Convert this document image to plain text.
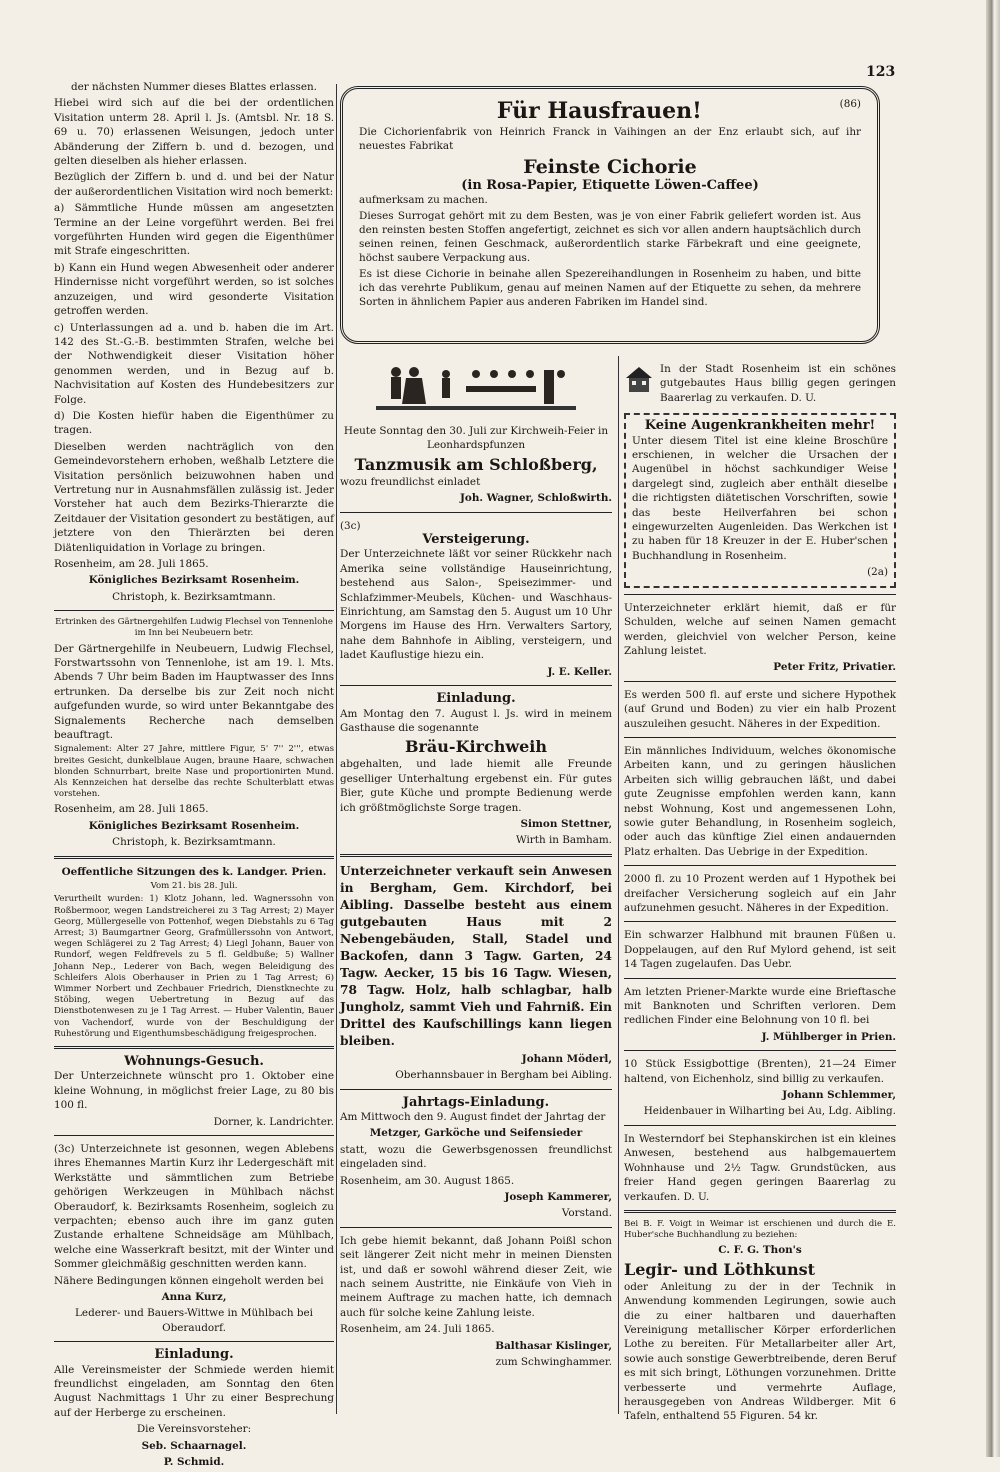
123

der nächsten Nummer dieses Blattes erlassen.

Hiebei wird sich auf die bei der ordentlichen Visitation unterm 28. April l. Js. (Amtsbl. Nr. 18 S. 69 u. 70) erlassenen Weisungen, jedoch unter Abänderung der Ziffern b. und d. bezogen, und gelten dieselben als hieher erlassen.

Bezüglich der Ziffern b. und d. und bei der Natur der außerordentlichen Visitation wird noch bemerkt:

a) Sämmtliche Hunde müssen am angesetzten Termine an der Leine vorgeführt werden. Bei frei vorgeführten Hunden wird gegen die Eigenthümer mit Strafe eingeschritten.

b) Kann ein Hund wegen Abwesenheit oder anderer Hindernisse nicht vorgeführt werden, so ist solches anzuzeigen, und wird gesonderte Visitation getroffen werden.

c) Unterlassungen ad a. und b. haben die im Art. 142 des St.-G.-B. bestimmten Strafen, welche bei der Nothwendigkeit dieser Visitation höher genommen werden, und in Bezug auf b. Nachvisitation auf Kosten des Hundebesitzers zur Folge.

d) Die Kosten hiefür haben die Eigenthümer zu tragen.

Dieselben werden nachträglich von den Gemeindevorstehern erhoben, weßhalb Letztere die Visitation persönlich beizuwohnen haben und Vertretung nur in Ausnahmsfällen zulässig ist. Jeder Vorsteher hat auch dem Bezirks-Thierarzte die Zeitdauer der Visitation gesondert zu bestätigen, auf jetztere von den Thierärzten bei deren Diätenliquidation in Vorlage zu bringen.

Rosenheim, am 28. Juli 1865.

Königliches Bezirksamt Rosenheim.

Christoph, k. Bezirksamtmann.

Ertrinken des Gärtnergehilfen Ludwig Flechsel von Tennenlohe im Inn bei Neubeuern betr.

Der Gärtnergehilfe in Neubeuern, Ludwig Flechsel, Forstwartssohn von Tennenlohe, ist am 19. l. Mts. Abends 7 Uhr beim Baden im Hauptwasser des Inns ertrunken. Da derselbe bis zur Zeit noch nicht aufgefunden wurde, so wird unter Bekanntgabe des Signalements Recherche nach demselben beauftragt.

Signalement: Alter 27 Jahre, mittlere Figur, 5' 7'' 2''', etwas breites Gesicht, dunkelblaue Augen, braune Haare, schwachen blonden Schnurrbart, breite Nase und proportionirten Mund. Als Kennzeichen hat derselbe das rechte Schulterblatt etwas vorstehen.

Rosenheim, am 28. Juli 1865.

Königliches Bezirksamt Rosenheim.

Christoph, k. Bezirksamtmann.

Oeffentliche Sitzungen des k. Landger. Prien.

Vom 21. bis 28. Juli.

Verurtheilt wurden: 1) Klotz Johann, led. Wagnerssohn von Roßbermoor, wegen Landstreicherei zu 3 Tag Arrest; 2) Mayer Georg, Müllergeselle von Pottenhof, wegen Diebstahls zu 6 Tag Arrest; 3) Baumgartner Georg, Grafmüllerssohn von Antwort, wegen Schlägerei zu 2 Tag Arrest; 4) Liegl Johann, Bauer von Rundorf, wegen Feldfrevels zu 5 fl. Geldbuße; 5) Wallner Johann Nep., Lederer von Bach, wegen Beleidigung des Schleifers Alois Oberhauser in Prien zu 1 Tag Arrest; 6) Wimmer Norbert und Zechbauer Friedrich, Dienstknechte zu Stöbing, wegen Uebertretung in Bezug auf das Dienstbotenwesen zu je 1 Tag Arrest. — Huber Valentin, Bauer von Vachendorf, wurde von der Beschuldigung der Ruhestörung und Eigenthumsbeschädigung freigesprochen.

Wohnungs-Gesuch.

Der Unterzeichnete wünscht pro 1. Oktober eine kleine Wohnung, in möglichst freier Lage, zu 80 bis 100 fl.

Dorner, k. Landrichter.

(3c) Unterzeichnete ist gesonnen, wegen Ablebens ihres Ehemannes Martin Kurz ihr Ledergeschäft mit Werkstätte und sämmtlichen zum Betriebe gehörigen Werkzeugen in Mühlbach nächst Oberaudorf, k. Bezirksamts Rosenheim, sogleich zu verpachten; ebenso auch ihre im ganz guten Zustande erhaltene Schneidsäge am Mühlbach, welche eine Wasserkraft besitzt, mit der Winter und Sommer gleichmäßig geschnitten werden kann.

Nähere Bedingungen können eingeholt werden bei

Anna Kurz,

Lederer- und Bauers-Wittwe in Mühlbach bei Oberaudorf.

Einladung.

Alle Vereinsmeister der Schmiede werden hiemit freundlichst eingeladen, am Sonntag den 6ten August Nachmittags 1 Uhr zu einer Besprechung auf der Herberge zu erscheinen.

Die Vereinsvorsteher:

Seb. Schaarnagel.

P. Schmid.

(86)
Für Hausfrauen!

Die Cichorienfabrik von Heinrich Franck in Vaihingen an der Enz erlaubt sich, auf ihr neuestes Fabrikat

Feinste Cichorie
(in Rosa-Papier, Etiquette Löwen-Caffee)

aufmerksam zu machen.

Dieses Surrogat gehört mit zu dem Besten, was je von einer Fabrik geliefert worden ist. Aus den reinsten besten Stoffen angefertigt, zeichnet es sich vor allen andern hauptsächlich durch seinen reinen, feinen Geschmack, außerordentlich starke Färbekraft und eine geeignete, höchst saubere Verpackung aus.

Es ist diese Cichorie in beinahe allen Spezereihandlungen in Rosenheim zu haben, und bitte ich das verehrte Publikum, genau auf meinen Namen auf der Etiquette zu sehen, da mehrere Sorten in ähnlichem Papier aus anderen Fabriken im Handel sind.

Heute Sonntag den 30. Juli zur Kirchweih-Feier in Leonhardspfunzen

Tanzmusik am Schloßberg,

wozu freundlichst einladet

Joh. Wagner, Schloßwirth.

(3c)
Versteigerung.

Der Unterzeichnete läßt vor seiner Rückkehr nach Amerika seine vollständige Hauseinrichtung, bestehend aus Salon-, Speisezimmer- und Schlafzimmer-Meubels, Küchen- und Waschhaus-Einrichtung, am Samstag den 5. August um 10 Uhr Morgens im Hause des Hrn. Verwalters Sartory, nahe dem Bahnhofe in Aibling, versteigern, und ladet Kauflustige hiezu ein.

J. E. Keller.

Einladung.

Am Montag den 7. August l. Js. wird in meinem Gasthause die sogenannte

Bräu-Kirchweih

abgehalten, und lade hiemit alle Freunde geselliger Unterhaltung ergebenst ein. Für gutes Bier, gute Küche und prompte Bedienung werde ich größtmöglichste Sorge tragen.

Simon Stettner,

Wirth in Bamham.

Unterzeichneter verkauft sein Anwesen in Bergham, Gem. Kirchdorf, bei Aibling. Dasselbe besteht aus einem gutgebauten Haus mit 2 Nebengebäuden, Stall, Stadel und Backofen, dann 3 Tagw. Garten, 24 Tagw. Aecker, 15 bis 16 Tagw. Wiesen, 78 Tagw. Holz, halb schlagbar, halb Jungholz, sammt Vieh und Fahrniß. Ein Drittel des Kaufschillings kann liegen bleiben.

Johann Möderl,

Oberhannsbauer in Bergham bei Aibling.

Jahrtags-Einladung.

Am Mittwoch den 9. August findet der Jahrtag der

Metzger, Garköche und Seifensieder

statt, wozu die Gewerbsgenossen freundlichst eingeladen sind.

Rosenheim, am 30. August 1865.

Joseph Kammerer,

Vorstand.

Ich gebe hiemit bekannt, daß Johann Poißl schon seit längerer Zeit nicht mehr in meinen Diensten ist, und daß er sowohl während dieser Zeit, wie nach seinem Austritte, nie Einkäufe von Vieh in meinem Auftrage zu machen hatte, ich demnach auch für solche keine Zahlung leiste.

Rosenheim, am 24. Juli 1865.

Balthasar Kislinger,

zum Schwinghammer.

In der Stadt Rosenheim ist ein schönes gutgebautes Haus billig gegen geringen Baarerlag zu verkaufen. D. U.

Keine Augenkrankheiten mehr!

Unter diesem Titel ist eine kleine Broschüre erschienen, in welcher die Ursachen der Augenübel in höchst sachkundiger Weise dargelegt sind, zugleich aber enthält dieselbe die richtigsten diätetischen Vorschriften, sowie das beste Heilverfahren bei schon eingewurzelten Augenleiden. Das Werkchen ist zu haben für 18 Kreuzer in der E. Huber'schen Buchhandlung in Rosenheim.

(2a)

Unterzeichneter erklärt hiemit, daß er für Schulden, welche auf seinen Namen gemacht werden, gleichviel von welcher Person, keine Zahlung leistet.

Peter Fritz, Privatier.

Es werden 500 fl. auf erste und sichere Hypothek (auf Grund und Boden) zu vier ein halb Prozent auszuleihen gesucht. Näheres in der Expedition.

Ein männliches Individuum, welches ökonomische Arbeiten kann, und zu geringen häuslichen Arbeiten sich willig gebrauchen läßt, und dabei gute Zeugnisse empfohlen werden kann, kann nebst Wohnung, Kost und angemessenen Lohn, sowie guter Behandlung, in Rosenheim sogleich, oder auch das künftige Ziel einen andauernden Platz erhalten. Das Uebrige in der Expedition.

2000 fl. zu 10 Prozent werden auf 1 Hypothek bei dreifacher Versicherung sogleich auf ein Jahr aufzunehmen gesucht. Näheres in der Expedition.

Ein schwarzer Halbhund mit braunen Füßen u. Doppelaugen, auf den Ruf Mylord gehend, ist seit 14 Tagen zugelaufen. Das Uebr.

Am letzten Priener-Markte wurde eine Brieftasche mit Banknoten und Schriften verloren. Dem redlichen Finder eine Belohnung von 10 fl. bei

J. Mühlberger in Prien.

10 Stück Essigbottige (Brenten), 21—24 Eimer haltend, von Eichenholz, sind billig zu verkaufen.

Johann Schlemmer,

Heidenbauer in Wilharting bei Au, Ldg. Aibling.

In Westerndorf bei Stephanskirchen ist ein kleines Anwesen, bestehend aus halbgemauertem Wohnhause und 2½ Tagw. Grundstücken, aus freier Hand gegen geringen Baarerlag zu verkaufen. D. U.

Bei B. F. Voigt in Weimar ist erschienen und durch die E. Huber'sche Buchhandlung zu beziehen:

C. F. G. Thon's

Legir- und Löthkunst

oder Anleitung zu der in der Technik in Anwendung kommenden Legirungen, sowie auch die zu einer haltbaren und dauerhaften Vereinigung metallischer Körper erforderlichen Lothe zu bereiten. Für Metallarbeiter aller Art, sowie auch sonstige Gewerbtreibende, deren Beruf es mit sich bringt, Löthungen vorzunehmen. Dritte verbesserte und vermehrte Auflage, herausgegeben von Andreas Wildberger. Mit 6 Tafeln, enthaltend 55 Figuren. 54 kr.
